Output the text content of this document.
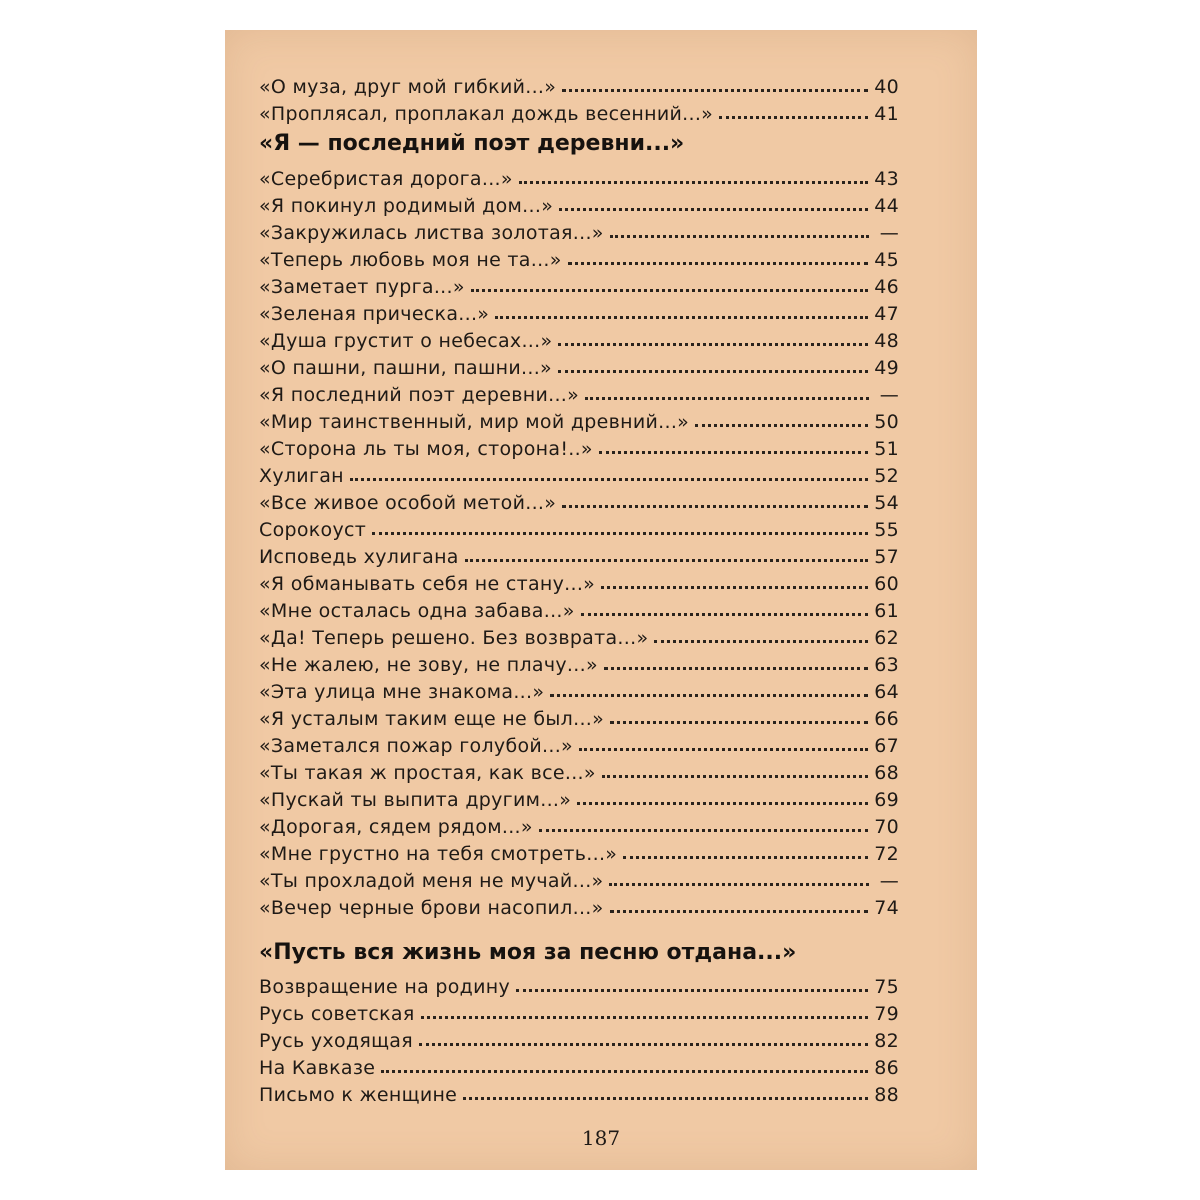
«О муза, друг мой гибкий...»	40
«Проплясал, проплакал дождь весенний...»	41
«Я — последний поэт деревни...»
«Серебристая дорога...»	43
«Я покинул родимый дом...»	44
«Закружилась листва золотая...»	—
«Теперь любовь моя не та...»	45
«Заметает пурга...»	46
«Зеленая прическа...»	47
«Душа грустит о небесах...»	48
«О пашни, пашни, пашни...»	49
«Я последний поэт деревни...»	—
«Мир таинственный, мир мой древний...»	50
«Сторона ль ты моя, сторона!..»	51
Хулиган	52
«Все живое особой метой...»	54
Сорокоуст	55
Исповедь хулигана	57
«Я обманывать себя не стану...»	60
«Мне осталась одна забава...»	61
«Да! Теперь решено. Без возврата...»	62
«Не жалею, не зову, не плачу...»	63
«Эта улица мне знакома...»	64
«Я усталым таким еще не был...»	66
«Заметался пожар голубой...»	67
«Ты такая ж простая, как все...»	68
«Пускай ты выпита другим...»	69
«Дорогая, сядем рядом...»	70
«Мне грустно на тебя смотреть...»	72
«Ты прохладой меня не мучай...»	—
«Вечер черные брови насопил...»	74
«Пусть вся жизнь моя за песню отдана...»
Возвращение на родину	75
Русь советская	79
Русь уходящая	82
На Кавказе	86
Письмо к женщине	88
187
